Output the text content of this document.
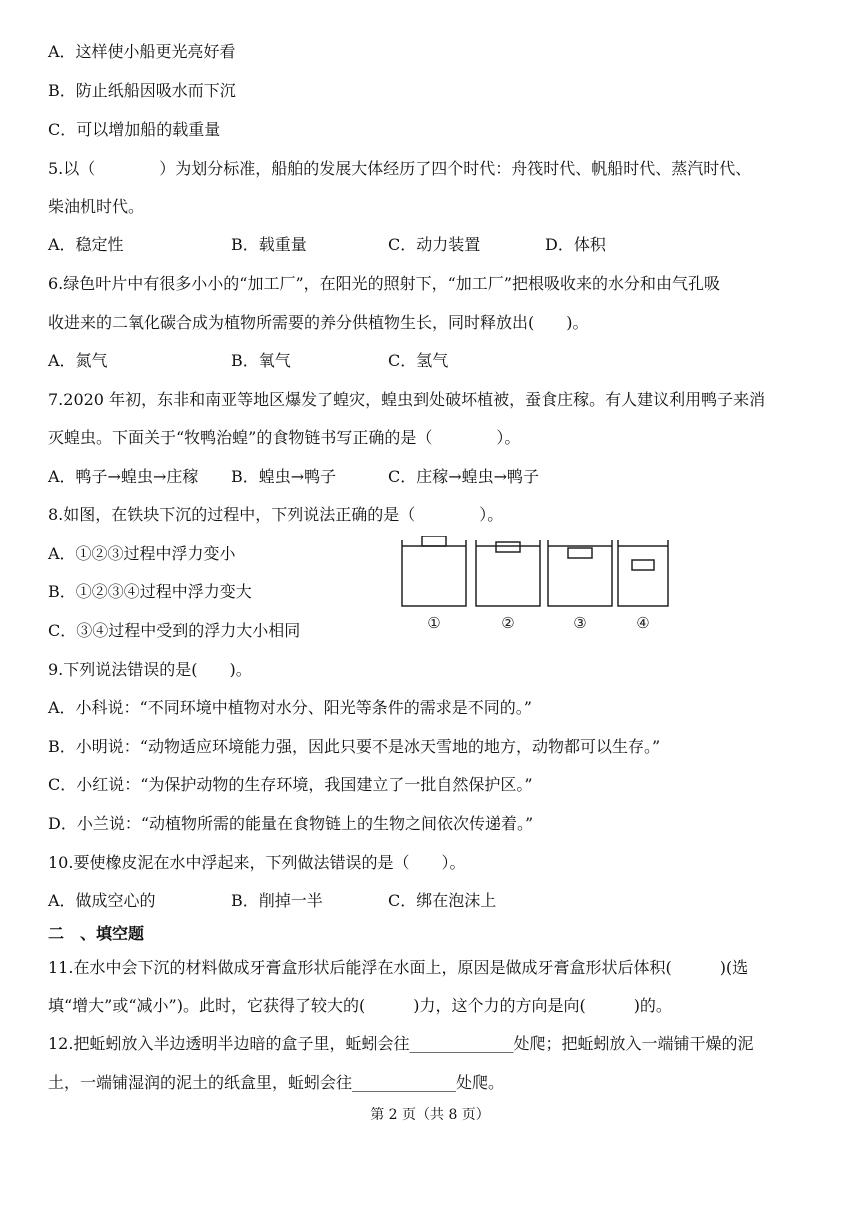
A．这样使小船更光亮好看
B．防止纸船因吸水而下沉
C．可以增加船的载重量
5.以（　　　　）为划分标准，船舶的发展大体经历了四个时代：舟筏时代、帆船时代、蒸汽时代、
柴油机时代。
A．稳定性	B．载重量	C．动力装置	D．体积
6.绿色叶片中有很多小小的“加工厂”，在阳光的照射下，“加工厂”把根吸收来的水分和由气孔吸
收进来的二氧化碳合成为植物所需要的养分供植物生长，同时释放出(　　)。
A．氮气	B．氧气	C．氢气
7.2020 年初，东非和南亚等地区爆发了蝗灾，蝗虫到处破坏植被，蚕食庄稼。有人建议利用鸭子来消
灭蝗虫。下面关于“牧鸭治蝗”的食物链书写正确的是（　　　　）。
A．鸭子→蝗虫→庄稼 B．蝗虫→鸭子	C．庄稼→蝗虫→鸭子
8.如图，在铁块下沉的过程中，下列说法正确的是（　　　　）。
A．①②③过程中浮力变小
B．①②③④过程中浮力变大
C．③④过程中受到的浮力大小相同	①	②	③	④
9.下列说法错误的是(　　)。
A．小科说：“不同环境中植物对水分、阳光等条件的需求是不同的。”
B．小明说：“动物适应环境能力强，因此只要不是冰天雪地的地方，动物都可以生存。”
C．小红说：“为保护动物的生存环境，我国建立了一批自然保护区。”
D．小兰说：“动植物所需的能量在食物链上的生物之间依次传递着。”
10.要使橡皮泥在水中浮起来，下列做法错误的是（　　）。
A．做成空心的	B．削掉一半	C．绑在泡沫上
二　、填空题
11.在水中会下沉的材料做成牙膏盒形状后能浮在水面上，原因是做成牙膏盒形状后体积(　　　)(选
填“增大”或“减小”)。此时，它获得了较大的(　　　)力，这个力的方向是向(　　　)的。
12.把蚯蚓放入半边透明半边暗的盒子里，蚯蚓会往_____________处爬；把蚯蚓放入一端铺干燥的泥
土，一端铺湿润的泥土的纸盒里，蚯蚓会往_____________处爬。
第 2 页（共 8 页）
